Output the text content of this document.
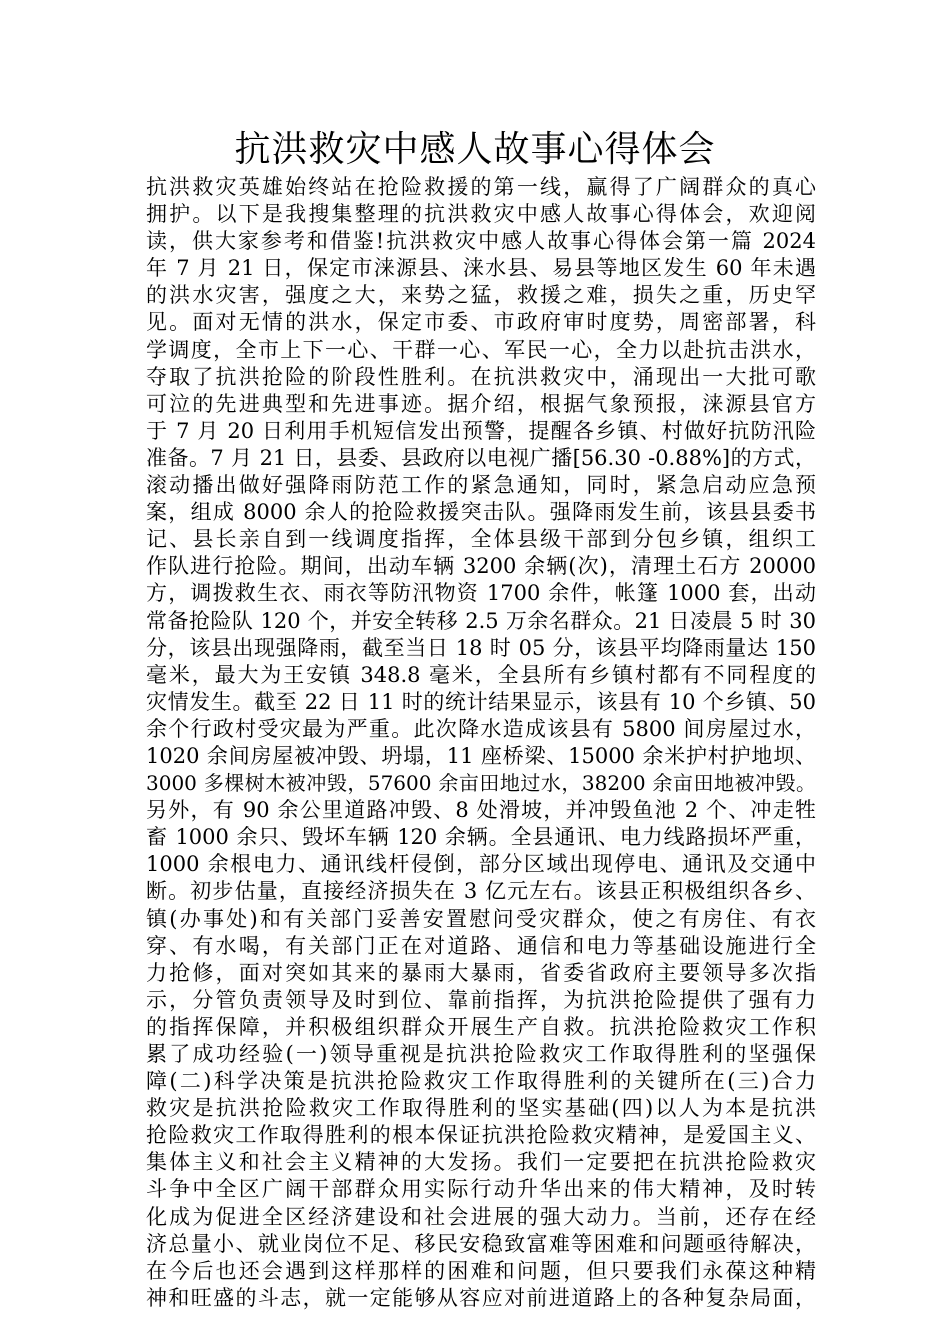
抗洪救灾中感人故事心得体会
抗洪救灾英雄始终站在抢险救援的第一线，赢得了广阔群众的真心
拥护。以下是我搜集整理的抗洪救灾中感人故事心得体会，欢迎阅
读，供大家参考和借鉴!抗洪救灾中感人故事心得体会第一篇 2024
年 7 月 21 日，保定市涞源县、涞水县、易县等地区发生 60 年未遇
的洪水灾害，强度之大，来势之猛，救援之难，损失之重，历史罕
见。面对无情的洪水，保定市委、市政府审时度势，周密部署，科
学调度，全市上下一心、干群一心、军民一心，全力以赴抗击洪水，
夺取了抗洪抢险的阶段性胜利。在抗洪救灾中，涌现出一大批可歌
可泣的先进典型和先进事迹。据介绍，根据气象预报，涞源县官方
于 7 月 20 日利用手机短信发出预警，提醒各乡镇、村做好抗防汛险
准备。7 月 21 日，县委、县政府以电视广播[56.30 -0.88%]的方式，
滚动播出做好强降雨防范工作的紧急通知，同时，紧急启动应急预
案，组成 8000 余人的抢险救援突击队。强降雨发生前，该县县委书
记、县长亲自到一线调度指挥，全体县级干部到分包乡镇，组织工
作队进行抢险。期间，出动车辆 3200 余辆(次)，清理土石方 20000
方，调拨救生衣、雨衣等防汛物资 1700 余件，帐篷 1000 套，出动
常备抢险队 120 个，并安全转移 2.5 万余名群众。21 日凌晨 5 时 30
分，该县出现强降雨，截至当日 18 时 05 分，该县平均降雨量达 150
毫米，最大为王安镇 348.8 毫米，全县所有乡镇村都有不同程度的
灾情发生。截至 22 日 11 时的统计结果显示，该县有 10 个乡镇、50
余个行政村受灾最为严重。此次降水造成该县有 5800 间房屋过水，
1020 余间房屋被冲毁、坍塌，11 座桥梁、15000 余米护村护地坝、
3000 多棵树木被冲毁，57600 余亩田地过水，38200 余亩田地被冲毁。
另外，有 90 余公里道路冲毁、8 处滑坡，并冲毁鱼池 2 个、冲走牲
畜 1000 余只、毁坏车辆 120 余辆。全县通讯、电力线路损坏严重，
1000 余根电力、通讯线杆侵倒，部分区域出现停电、通讯及交通中
断。初步估量，直接经济损失在 3 亿元左右。该县正积极组织各乡、
镇(办事处)和有关部门妥善安置慰问受灾群众，使之有房住、有衣
穿、有水喝，有关部门正在对道路、通信和电力等基础设施进行全
力抢修，面对突如其来的暴雨大暴雨，省委省政府主要领导多次指
示，分管负责领导及时到位、靠前指挥，为抗洪抢险提供了强有力
的指挥保障，并积极组织群众开展生产自救。抗洪抢险救灾工作积
累了成功经验(一)领导重视是抗洪抢险救灾工作取得胜利的坚强保
障(二)科学决策是抗洪抢险救灾工作取得胜利的关键所在(三)合力
救灾是抗洪抢险救灾工作取得胜利的坚实基础(四)以人为本是抗洪
抢险救灾工作取得胜利的根本保证抗洪抢险救灾精神，是爱国主义、
集体主义和社会主义精神的大发扬。我们一定要把在抗洪抢险救灾
斗争中全区广阔干部群众用实际行动升华出来的伟大精神，及时转
化成为促进全区经济建设和社会进展的强大动力。当前，还存在经
济总量小、就业岗位不足、移民安稳致富难等困难和问题亟待解决，
在今后也还会遇到这样那样的困难和问题，但只要我们永葆这种精
神和旺盛的斗志，就一定能够从容应对前进道路上的各种复杂局面，
